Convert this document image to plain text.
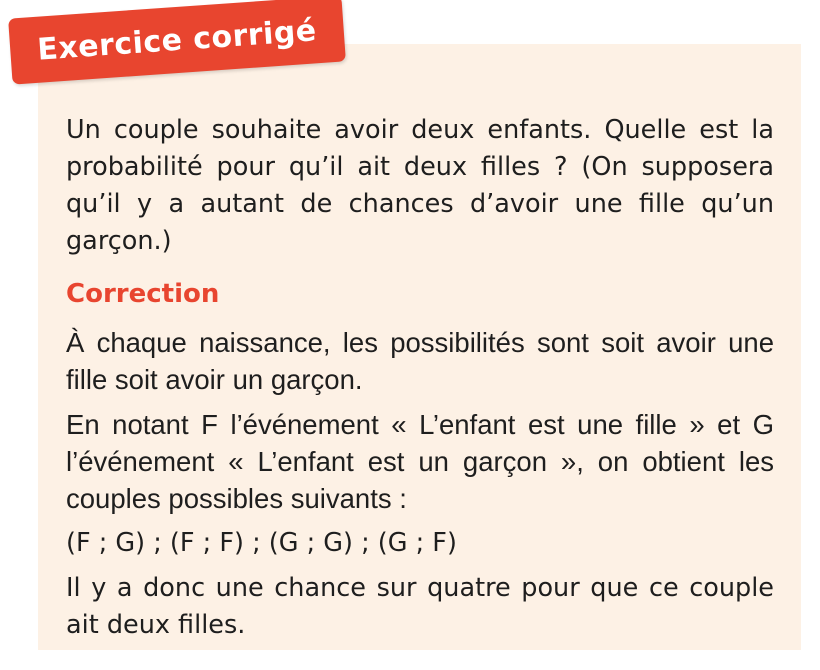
Exercice corrigé

Un couple souhaite avoir deux enfants. Quelle est la probabilité pour qu’il ait deux filles ? (On supposera qu’il y a autant de chances d’avoir une fille qu’un garçon.)

Correction

À chaque naissance, les possibilités sont soit avoir une fille soit avoir un garçon.

En notant F l’événement « L’enfant est une fille » et G l’événement « L’enfant est un garçon », on obtient les couples possibles suivants :

(F ; G) ; (F ; F) ; (G ; G) ; (G ; F)

Il y a donc une chance sur quatre pour que ce couple ait deux filles.
